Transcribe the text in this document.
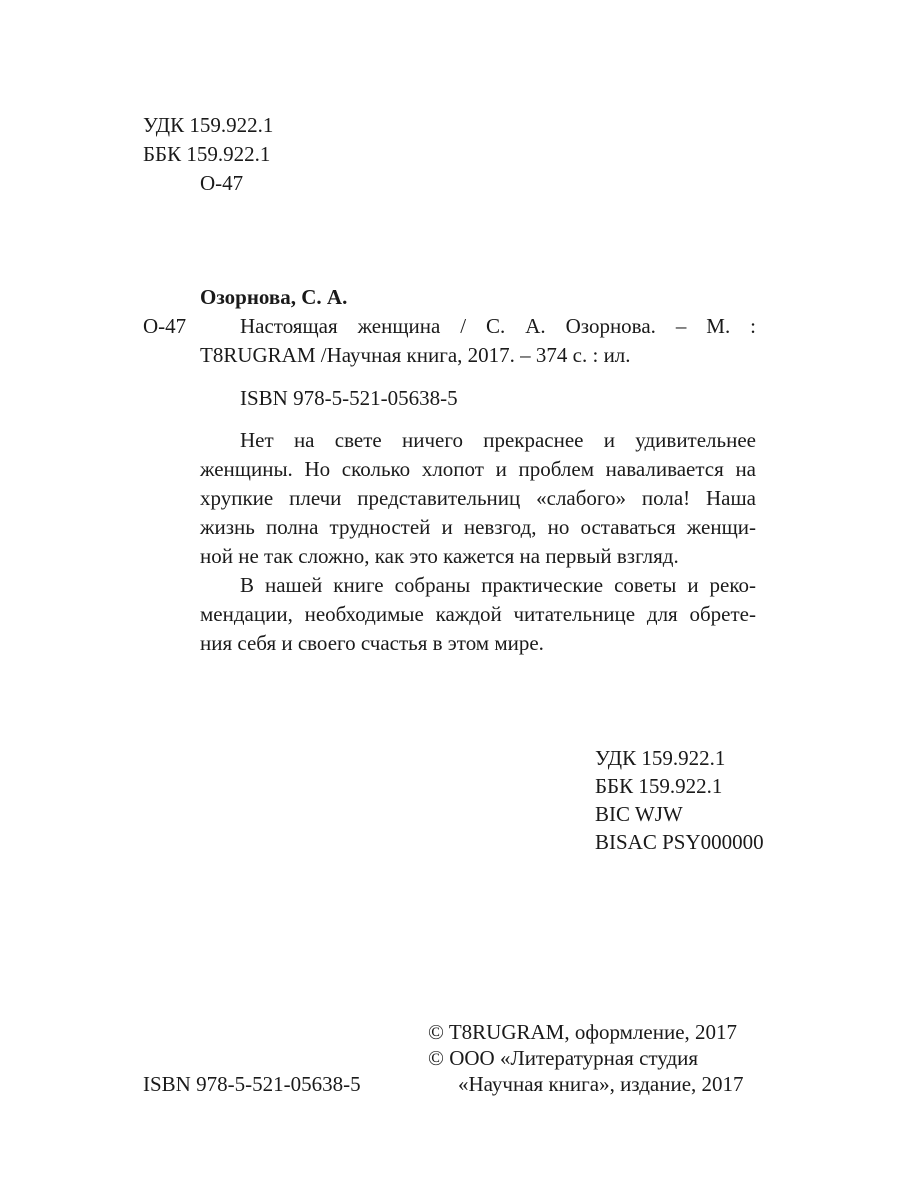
УДК 159.922.1
ББК 159.922.1
О-47
Озорнова, С. А.
О-47	Настоящая женщина / С. А. Озорнова. – М. :
T8RUGRAM /Научная книга, 2017. – 374 с. : ил.
ISBN 978-5-521-05638-5
Нет на свете ничего прекраснее и удивительнее
женщины. Но сколько хлопот и проблем наваливается на
хрупкие плечи представительниц «слабого» пола! Наша
жизнь полна трудностей и невзгод, но оставаться женщи-
ной не так сложно, как это кажется на первый взгляд.
В нашей книге собраны практические советы и реко-
мендации, необходимые каждой читательнице для обрете-
ния себя и своего счастья в этом мире.
УДК 159.922.1
ББК 159.922.1
BIC WJW
BISAC PSY000000
© T8RUGRAM, оформление, 2017
© ООО «Литературная студия
«Научная книга», издание, 2017
ISBN 978-5-521-05638-5
